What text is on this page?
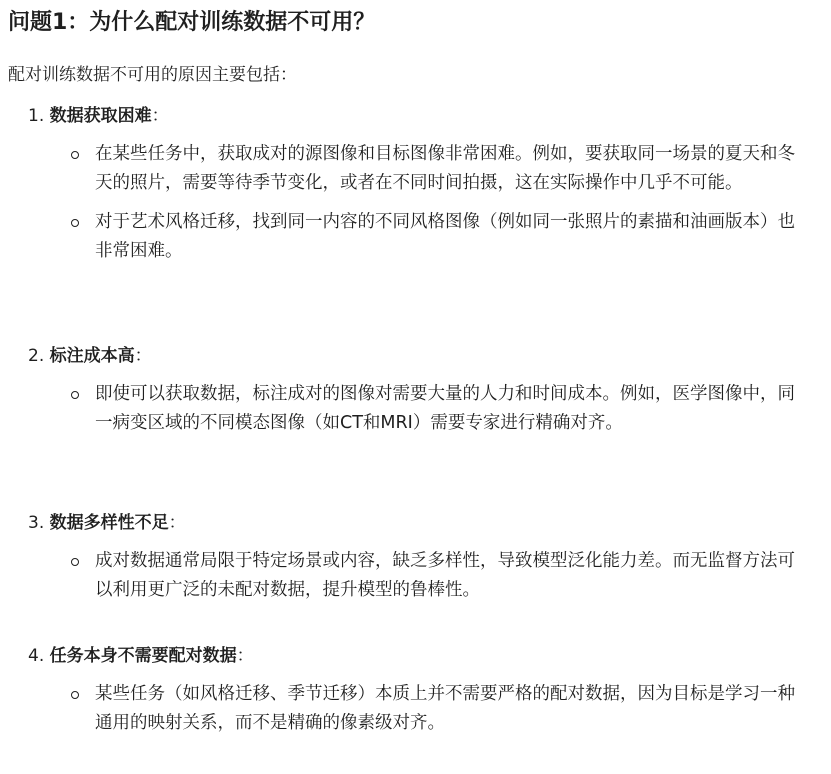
问题1：为什么配对训练数据不可用？
配对训练数据不可用的原因主要包括：
1. 数据获取困难：
在某些任务中，获取成对的源图像和目标图像非常困难。例如，要获取同一场景的夏天和冬天的照片，需要等待季节变化，或者在不同时间拍摄，这在实际操作中几乎不可能。
对于艺术风格迁移，找到同一内容的不同风格图像（例如同一张照片的素描和油画版本）也非常困难。
2. 标注成本高：
即使可以获取数据，标注成对的图像对需要大量的人力和时间成本。例如，医学图像中，同一病变区域的不同模态图像（如CT和MRI）需要专家进行精确对齐。
3. 数据多样性不足：
成对数据通常局限于特定场景或内容，缺乏多样性，导致模型泛化能力差。而无监督方法可以利用更广泛的未配对数据，提升模型的鲁棒性。
4. 任务本身不需要配对数据：
某些任务（如风格迁移、季节迁移）本质上并不需要严格的配对数据，因为目标是学习一种通用的映射关系，而不是精确的像素级对齐。
